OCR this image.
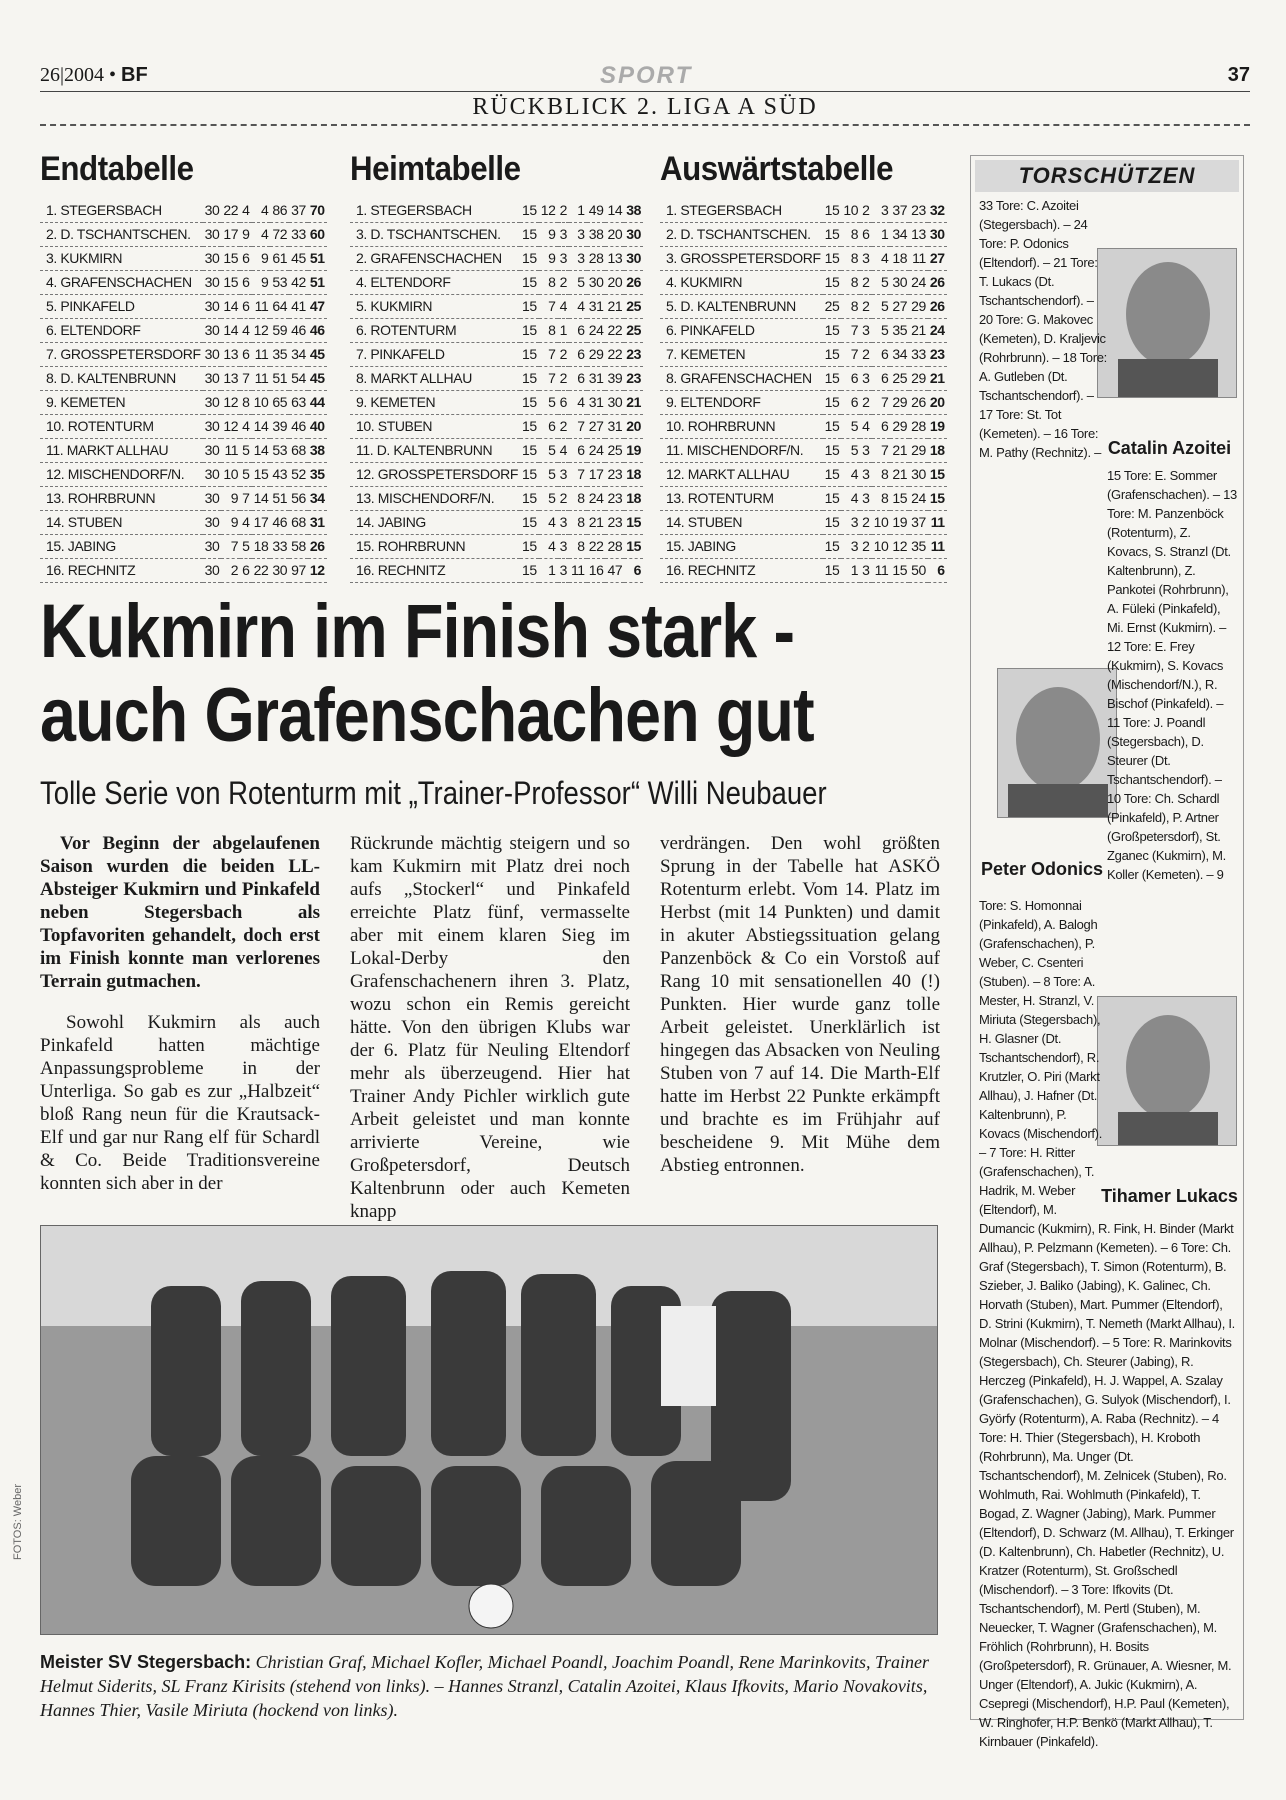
26|2004 • BF	SPORT	37
RÜCKBLICK 2. LIGA A SÜD
Endtabelle
1. STEGERSBACH	30	22	4	4	86	37	70
2. D. TSCHANTSCHEN.	30	17	9	4	72	33	60
3. KUKMIRN	30	15	6	9	61	45	51
4. GRAFENSCHACHEN	30	15	6	9	53	42	51
5. PINKAFELD	30	14	6	11	64	41	47
6. ELTENDORF	30	14	4	12	59	46	46
7. GROSSPETERSDORF	30	13	6	11	35	34	45
8. D. KALTENBRUNN	30	13	7	11	51	54	45
9. KEMETEN	30	12	8	10	65	63	44
10. ROTENTURM	30	12	4	14	39	46	40
11. MARKT ALLHAU	30	11	5	14	53	68	38
12. MISCHENDORF/N.	30	10	5	15	43	52	35
13. ROHRBRUNN	30	9	7	14	51	56	34
14. STUBEN	30	9	4	17	46	68	31
15. JABING	30	7	5	18	33	58	26
16. RECHNITZ	30	2	6	22	30	97	12
Heimtabelle
1. STEGERSBACH	15	12	2	1	49	14	38
3. D. TSCHANTSCHEN.	15	9	3	3	38	20	30
2. GRAFENSCHACHEN	15	9	3	3	28	13	30
4. ELTENDORF	15	8	2	5	30	20	26
5. KUKMIRN	15	7	4	4	31	21	25
6. ROTENTURM	15	8	1	6	24	22	25
7. PINKAFELD	15	7	2	6	29	22	23
8. MARKT ALLHAU	15	7	2	6	31	39	23
9. KEMETEN	15	5	6	4	31	30	21
10. STUBEN	15	6	2	7	27	31	20
11. D. KALTENBRUNN	15	5	4	6	24	25	19
12. GROSSPETERSDORF	15	5	3	7	17	23	18
13. MISCHENDORF/N.	15	5	2	8	24	23	18
14. JABING	15	4	3	8	21	23	15
15. ROHRBRUNN	15	4	3	8	22	28	15
16. RECHNITZ	15	1	3	11	16	47	6
Auswärtstabelle
1. STEGERSBACH	15	10	2	3	37	23	32
2. D. TSCHANTSCHEN.	15	8	6	1	34	13	30
3. GROSSPETERSDORF	15	8	3	4	18	11	27
4. KUKMIRN	15	8	2	5	30	24	26
5. D. KALTENBRUNN	25	8	2	5	27	29	26
6. PINKAFELD	15	7	3	5	35	21	24
7. KEMETEN	15	7	2	6	34	33	23
8. GRAFENSCHACHEN	15	6	3	6	25	29	21
9. ELTENDORF	15	6	2	7	29	26	20
10. ROHRBRUNN	15	5	4	6	29	28	19
11. MISCHENDORF/N.	15	5	3	7	21	29	18
12. MARKT ALLHAU	15	4	3	8	21	30	15
13. ROTENTURM	15	4	3	8	15	24	15
14. STUBEN	15	3	2	10	19	37	11
15. JABING	15	3	2	10	12	35	11
16. RECHNITZ	15	1	3	11	15	50	6
Kukmirn im Finish stark -
auch Grafenschachen gut
Tolle Serie von Rotenturm mit „Trainer-Professor“ Willi Neubauer

Vor Beginn der abgelaufenen Saison wurden die beiden LL-Absteiger Kukmirn und Pinkafeld neben Stegersbach als Topfavoriten gehandelt, doch erst im Finish konnte man verlorenes Terrain gutmachen.

Sowohl Kukmirn als auch Pinkafeld hatten mächtige Anpassungsprobleme in der Unterliga. So gab es zur „Halbzeit“ bloß Rang neun für die Krautsack-Elf und gar nur Rang elf für Schardl & Co. Beide Traditionsvereine konnten sich aber in der

Rückrunde mächtig steigern und so kam Kukmirn mit Platz drei noch aufs „Stockerl“ und Pinkafeld erreichte Platz fünf, vermasselte aber mit einem klaren Sieg im Lokal-Derby den Grafenschachenern ihren 3. Platz, wozu schon ein Remis gereicht hätte. Von den übrigen Klubs war der 6. Platz für Neuling Eltendorf mehr als überzeugend. Hier hat Trainer Andy Pichler wirklich gute Arbeit geleistet und man konnte arrivierte Vereine, wie Großpetersdorf, Deutsch Kaltenbrunn oder auch Kemeten knapp

verdrängen. Den wohl größten Sprung in der Tabelle hat ASKÖ Rotenturm erlebt. Vom 14. Platz im Herbst (mit 14 Punkten) und damit in akuter Abstiegssituation gelang Panzenböck & Co ein Vorstoß auf Rang 10 mit sensationellen 40 (!) Punkten. Hier wurde ganz tolle Arbeit geleistet. Unerklärlich ist hingegen das Absacken von Neuling Stuben von 7 auf 14. Die Marth-Elf hatte im Herbst 22 Punkte erkämpft und brachte es im Frühjahr auf bescheidene 9. Mit Mühe dem Abstieg entronnen.

FOTOS: Weber
Meister SV Stegersbach: Christian Graf, Michael Kofler, Michael Poandl, Joachim Poandl, Rene Marinkovits, Trainer Helmut Siderits, SL Franz Kirisits (stehend von links). – Hannes Stranzl, Catalin Azoitei, Klaus Ifkovits, Mario Novakovits, Hannes Thier, Vasile Miriuta (hockend von links).
TORSCHÜTZEN
Catalin Azoitei
Peter Odonics
Tihamer Lukacs
33 Tore: C. Azoitei (Stegersbach). – 24 Tore: P. Odonics (Eltendorf). – 21 Tore: T. Lukacs (Dt. Tschantschendorf). – 20 Tore: G. Makovec (Kemeten), D. Kraljevic (Rohrbrunn). – 18 Tore: A. Gutleben (Dt. Tschantschendorf). – 17 Tore: St. Tot (Kemeten). – 16 Tore: M. Pathy (Rechnitz). – 15 Tore: E. Sommer (Grafenschachen). – 13 Tore: M. Panzenböck (Rotenturm), Z. Kovacs, S. Stranzl (Dt. Kaltenbrunn), Z. Pankotei (Rohrbrunn), A. Füleki (Pinkafeld), Mi. Ernst (Kukmirn). – 12 Tore: E. Frey (Kukmirn), S. Kovacs (Mischendorf/N.), R. Bischof (Pinkafeld). – 11 Tore: J. Poandl (Stegersbach), D. Steurer (Dt. Tschantschendorf). – 10 Tore: Ch. Schardl (Pinkafeld), P. Artner (Großpetersdorf), St. Zganec (Kukmirn), M. Koller (Kemeten). – 9 Tore: S. Homonnai (Pinkafeld), A. Balogh (Grafenschachen), P. Weber, C. Csenteri (Stuben). – 8 Tore: A. Mester, H. Stranzl, V. Miriuta (Stegersbach), H. Glasner (Dt. Tschantschendorf), R. Krutzler, O. Piri (Markt Allhau), J. Hafner (Dt. Kaltenbrunn), P. Kovacs (Mischendorf). – 7 Tore: H. Ritter (Grafenschachen), T. Hadrik, M. Weber (Eltendorf), M. Dumancic (Kukmirn), R. Fink, H. Binder (Markt Allhau), P. Pelzmann (Kemeten). – 6 Tore: Ch. Graf (Stegersbach), T. Simon (Rotenturm), B. Szieber, J. Baliko (Jabing), K. Galinec, Ch. Horvath (Stuben), Mart. Pummer (Eltendorf), D. Strini (Kukmirn), T. Nemeth (Markt Allhau), I. Molnar (Mischendorf). – 5 Tore: R. Marinkovits (Stegersbach), Ch. Steurer (Jabing), R. Herczeg (Pinkafeld), H. J. Wappel, A. Szalay (Grafenschachen), G. Sulyok (Mischendorf), I. Györfy (Rotenturm), A. Raba (Rechnitz). – 4 Tore: H. Thier (Stegersbach), H. Kroboth (Rohrbrunn), Ma. Unger (Dt. Tschantschendorf), M. Zelnicek (Stuben), Ro. Wohlmuth, Rai. Wohlmuth (Pinkafeld), T. Bogad, Z. Wagner (Jabing), Mark. Pummer (Eltendorf), D. Schwarz (M. Allhau), T. Erkinger (D. Kaltenbrunn), Ch. Habetler (Rechnitz), U. Kratzer (Rotenturm), St. Großschedl (Mischendorf). – 3 Tore: Ifkovits (Dt. Tschantschendorf), M. Pertl (Stuben), M. Neuecker, T. Wagner (Grafenschachen), M. Fröhlich (Rohrbrunn), H. Bosits (Großpetersdorf), R. Grünauer, A. Wiesner, M. Unger (Eltendorf), A. Jukic (Kukmirn), A. Csepregi (Mischendorf), H.P. Paul (Kemeten), W. Ringhofer, H.P. Benkö (Markt Allhau), T. Kirnbauer (Pinkafeld).
